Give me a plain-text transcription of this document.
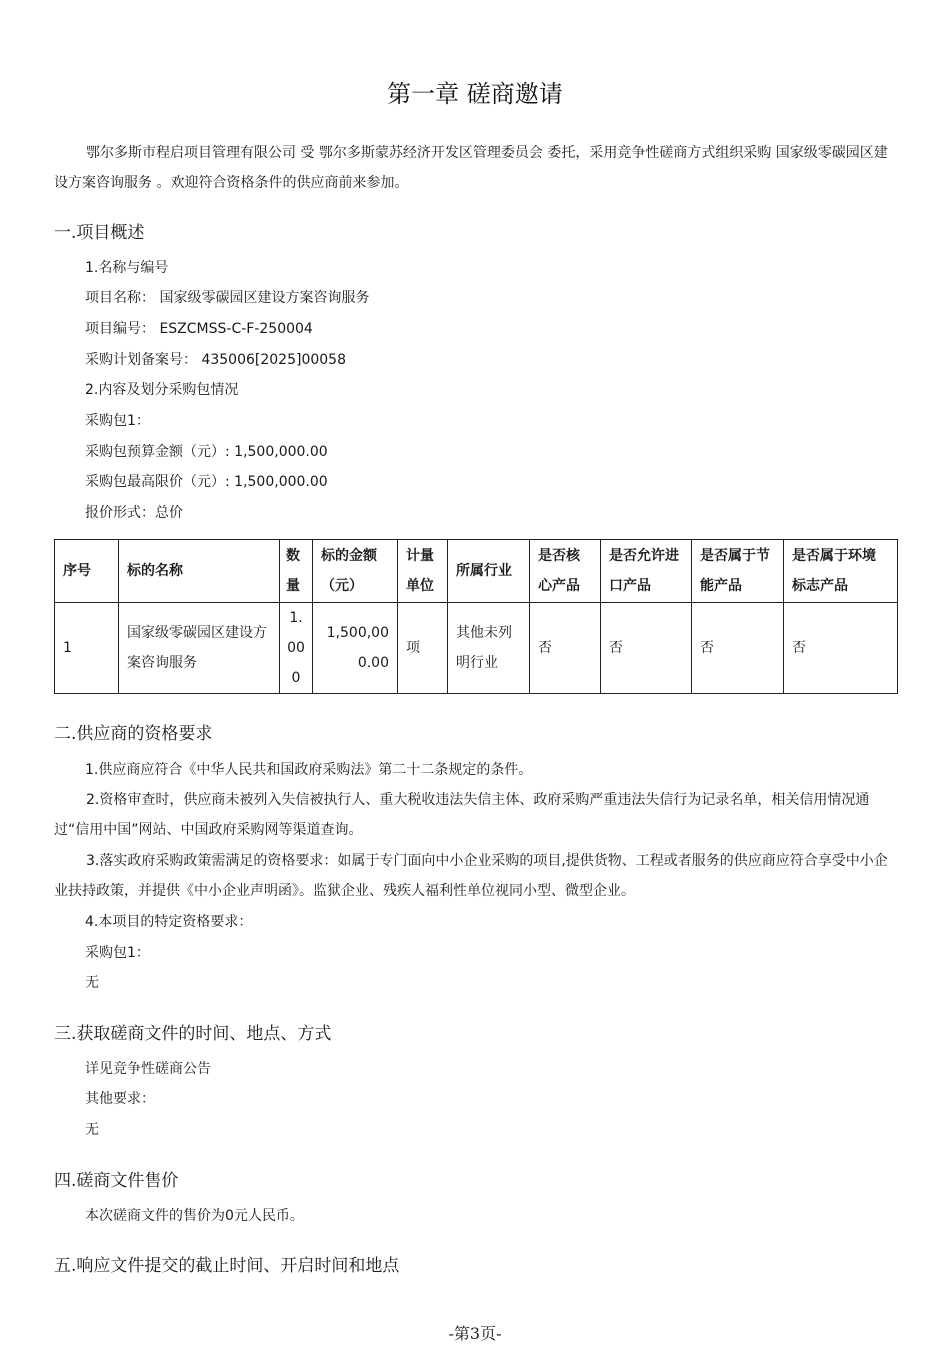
第一章 磋商邀请
鄂尔多斯市程启项目管理有限公司 受 鄂尔多斯蒙苏经济开发区管理委员会 委托，采用竞争性磋商方式组织采购 国家级零碳园区建设方案咨询服务 。欢迎符合资格条件的供应商前来参加。
一.项目概述
1.名称与编号
项目名称： 国家级零碳园区建设方案咨询服务
项目编号： ESZCMSS-C-F-250004
采购计划备案号： 435006[2025]00058
2.内容及划分采购包情况
采购包1：
采购包预算金额（元）: 1,500,000.00
采购包最高限价（元）: 1,500,000.00
报价形式：总价
序号	标的名称	数量	标的金额（元）	计量单位	所属行业	是否核心产品	是否允许进口产品	是否属于节能产品	是否属于环境标志产品
1	国家级零碳园区建设方案咨询服务	1.000	1,500,000.00	项	其他未列明行业	否	否	否	否
二.供应商的资格要求
1.供应商应符合《中华人民共和国政府采购法》第二十二条规定的条件。
2.资格审查时，供应商未被列入失信被执行人、重大税收违法失信主体、政府采购严重违法失信行为记录名单，相关信用情况通过“信用中国”网站、中国政府采购网等渠道查询。
3.落实政府采购政策需满足的资格要求：如属于专门面向中小企业采购的项目,提供货物、工程或者服务的供应商应符合享受中小企业扶持政策，并提供《中小企业声明函》。监狱企业、残疾人福利性单位视同小型、微型企业。
4.本项目的特定资格要求：
采购包1：
无
三.获取磋商文件的时间、地点、方式
详见竞争性磋商公告
其他要求：
无
四.磋商文件售价
本次磋商文件的售价为0元人民币。
五.响应文件提交的截止时间、开启时间和地点
-第3页-
